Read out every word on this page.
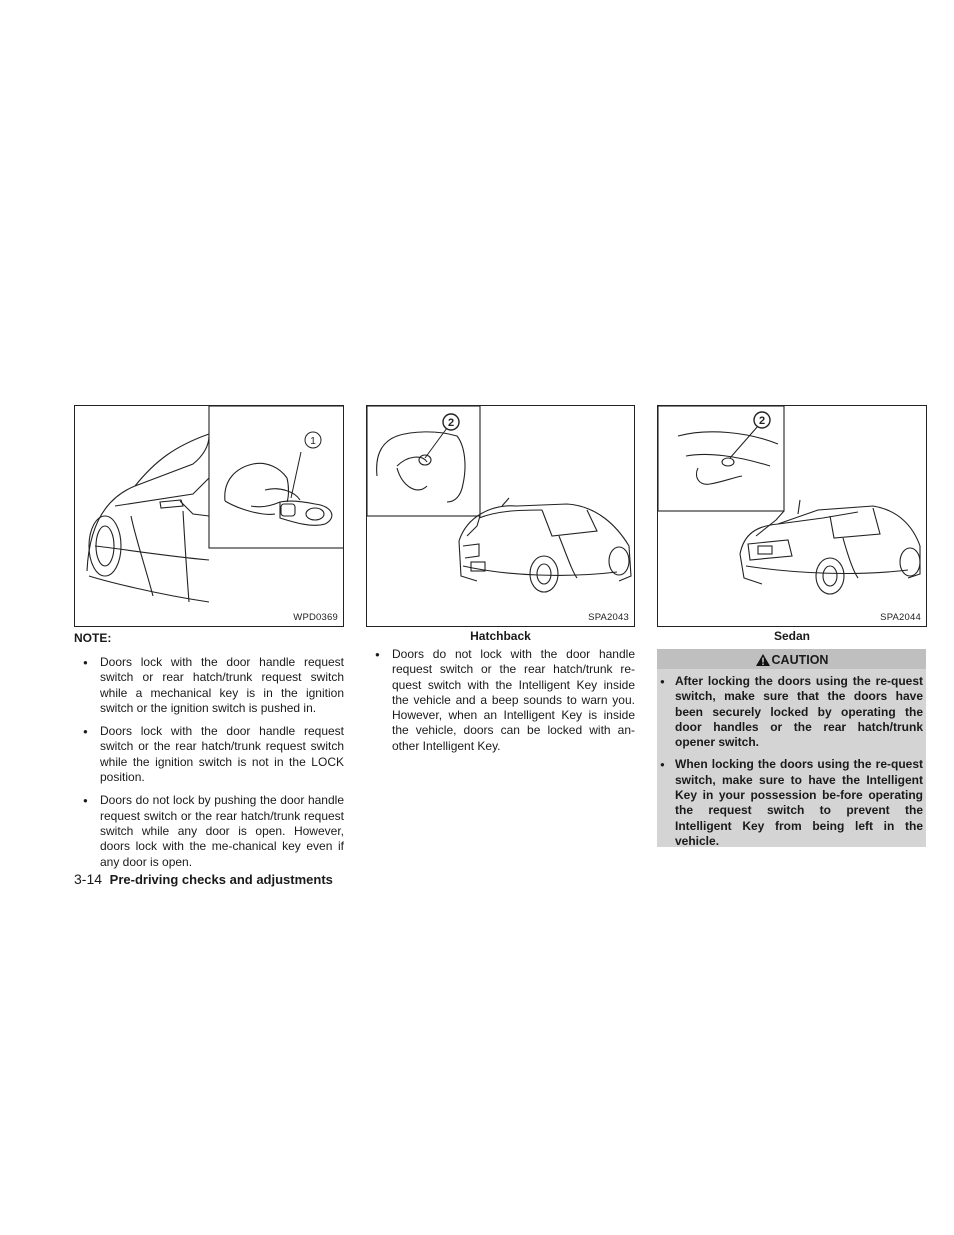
1
WPD0369
2
SPA2043
2
SPA2044
Hatchback	Sedan
NOTE:
● Doors lock with the door handle request switch or rear hatch/trunk request switch while a mechanical key is in the ignition switch or the ignition switch is pushed in.
● Doors lock with the door handle request switch or the rear hatch/trunk request switch while the ignition switch is not in the LOCK position.
● Doors do not lock by pushing the door handle request switch or the rear hatch/trunk request switch while any door is open. However, doors lock with the me-chanical key even if any door is open.
● Doors do not lock with the door handle request switch or the rear hatch/trunk re-quest switch with the Intelligent Key inside the vehicle and a beep sounds to warn you. However, when an Intelligent Key is inside the vehicle, doors can be locked with an-other Intelligent Key.
CAUTION
● After locking the doors using the re-quest switch, make sure that the doors have been securely locked by operating the door handles or the rear hatch/trunk opener switch.
● When locking the doors using the re-quest switch, make sure to have the Intelligent Key in your possession be-fore operating the request switch to prevent the Intelligent Key from being left in the vehicle.
3-14 Pre-driving checks and adjustments
